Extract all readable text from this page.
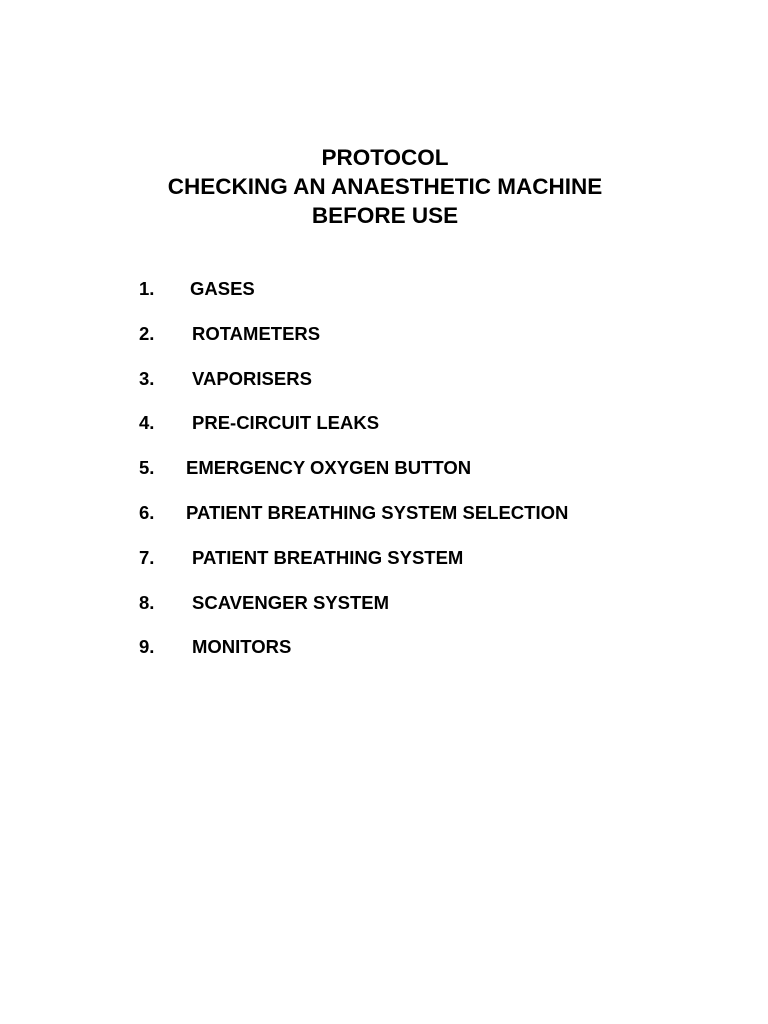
PROTOCOL
CHECKING AN ANAESTHETIC MACHINE
BEFORE USE
1. GASES
2. ROTAMETERS
3. VAPORISERS
4. PRE-CIRCUIT LEAKS
5. EMERGENCY OXYGEN BUTTON
6. PATIENT BREATHING SYSTEM SELECTION
7. PATIENT BREATHING SYSTEM
8. SCAVENGER SYSTEM
9. MONITORS
